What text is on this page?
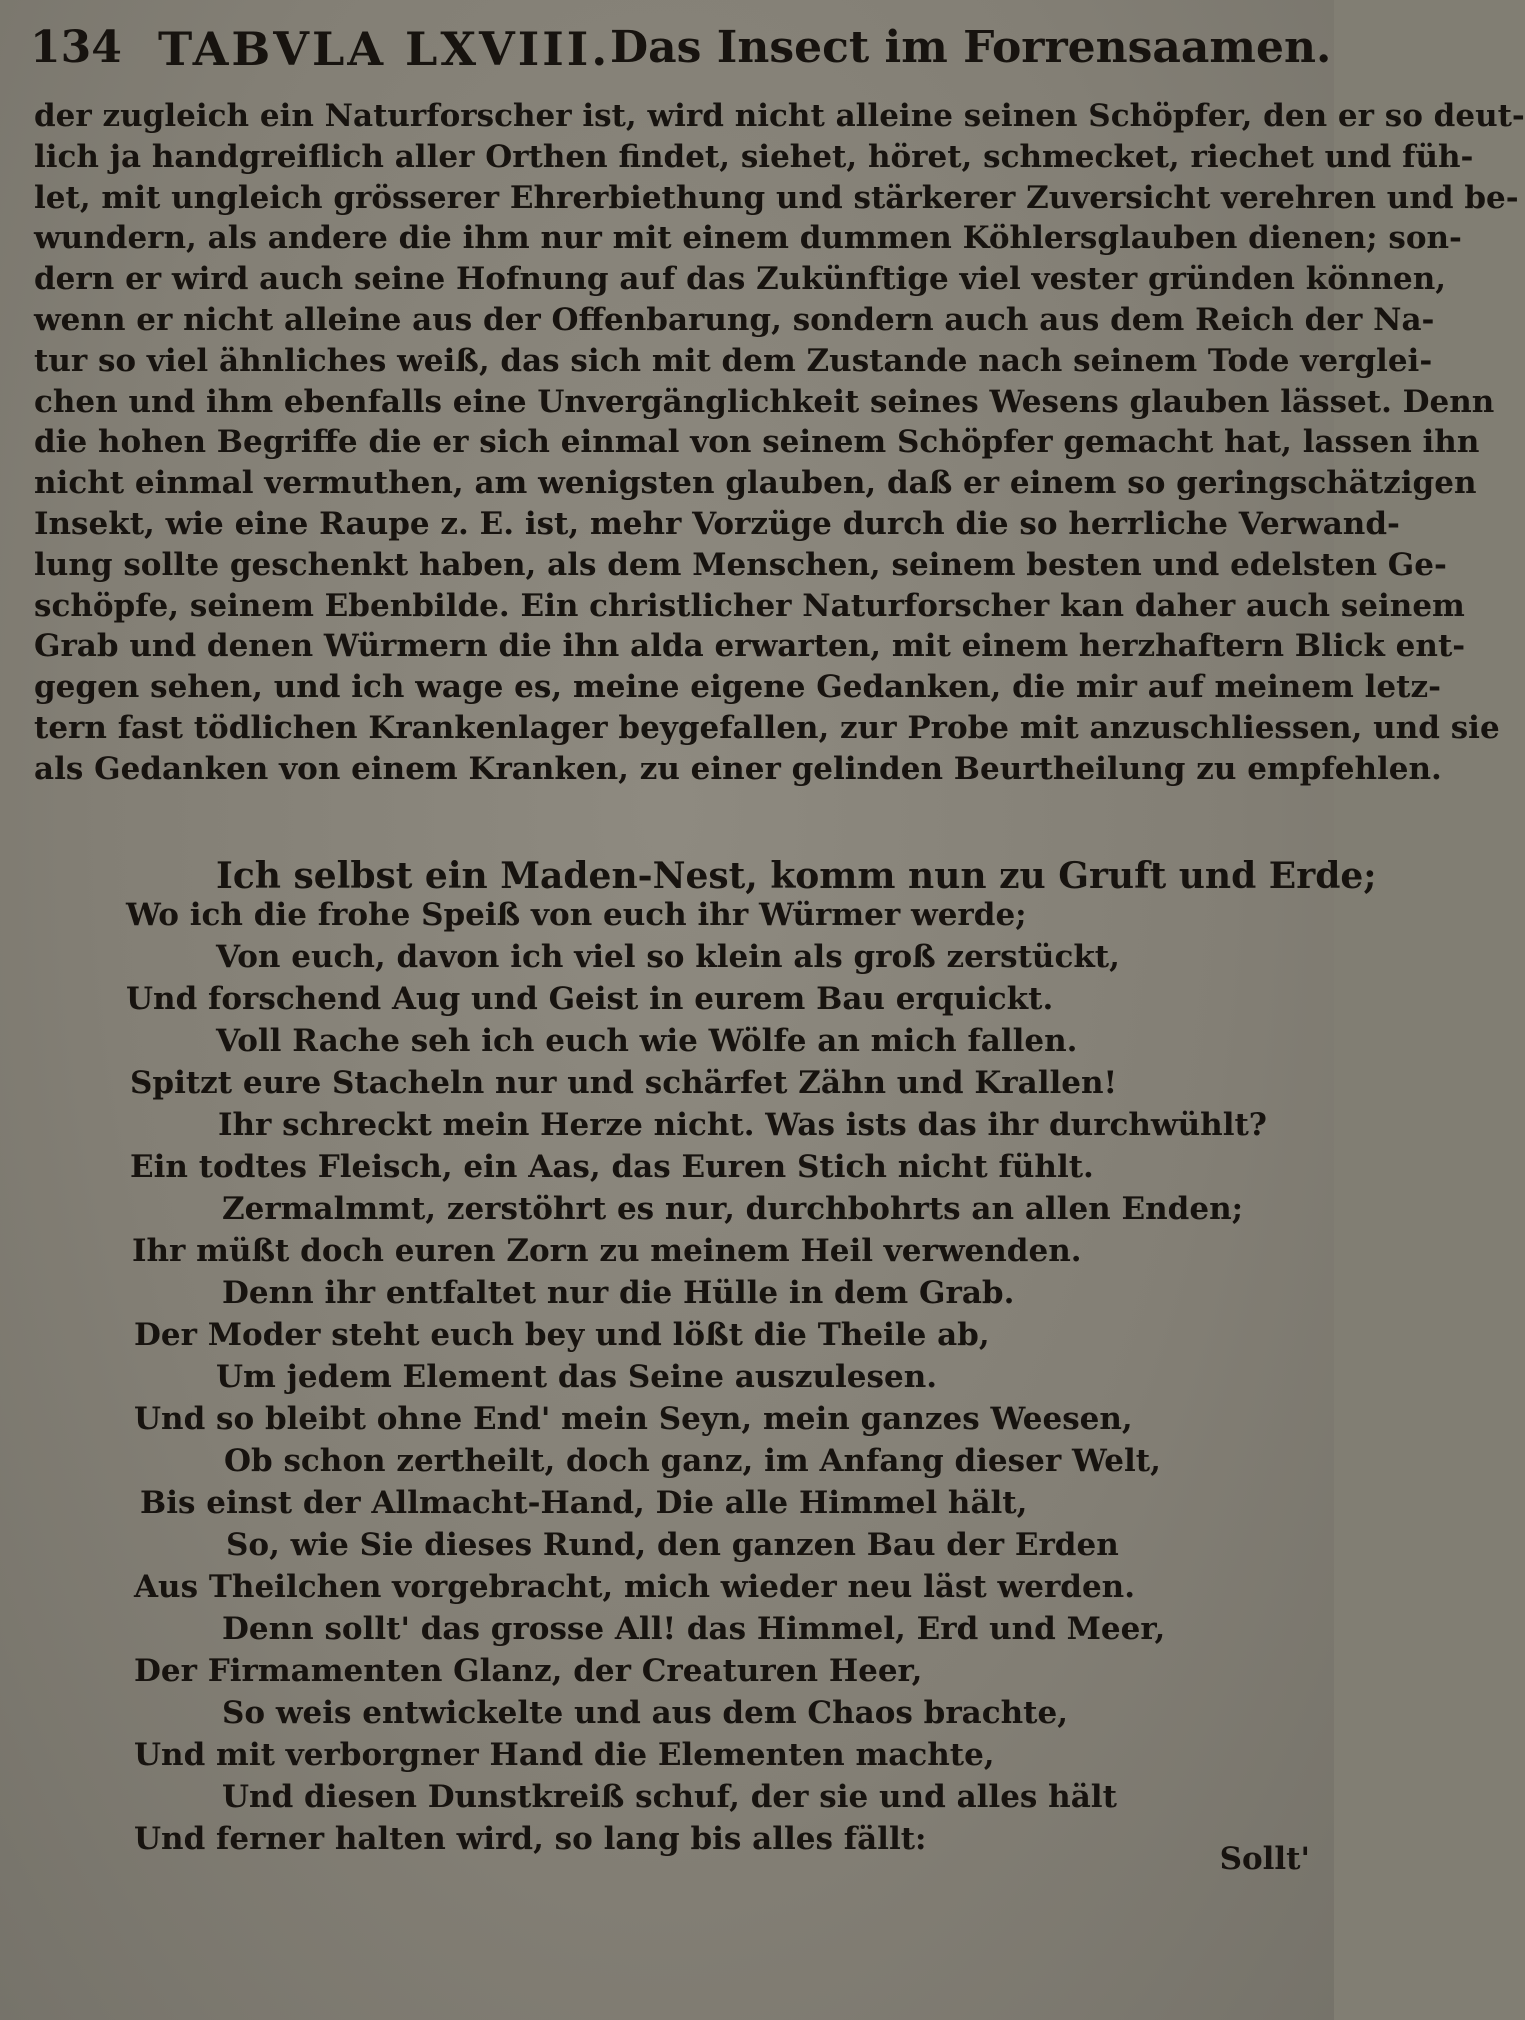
134 TABVLA LXVIII. Das Insect im Forrensaamen.
der zugleich ein Naturforscher ist, wird nicht alleine seinen Schöpfer, den er so deut-
lich ja handgreiflich aller Orthen findet, siehet, höret, schmecket, riechet und füh-
let, mit ungleich grösserer Ehrerbiethung und stärkerer Zuversicht verehren und be-
wundern, als andere die ihm nur mit einem dummen Köhlersglauben dienen; son-
dern er wird auch seine Hofnung auf das Zukünftige viel vester gründen können,
wenn er nicht alleine aus der Offenbarung, sondern auch aus dem Reich der Na-
tur so viel ähnliches weiß, das sich mit dem Zustande nach seinem Tode verglei-
chen und ihm ebenfalls eine Unvergänglichkeit seines Wesens glauben lässet. Denn
die hohen Begriffe die er sich einmal von seinem Schöpfer gemacht hat, lassen ihn
nicht einmal vermuthen, am wenigsten glauben, daß er einem so geringschätzigen
Insekt, wie eine Raupe z. E. ist, mehr Vorzüge durch die so herrliche Verwand-
lung sollte geschenkt haben, als dem Menschen, seinem besten und edelsten Ge-
schöpfe, seinem Ebenbilde. Ein christlicher Naturforscher kan daher auch seinem
Grab und denen Würmern die ihn alda erwarten, mit einem herzhaftern Blick ent-
gegen sehen, und ich wage es, meine eigene Gedanken, die mir auf meinem letz-
tern fast tödlichen Krankenlager beygefallen, zur Probe mit anzuschliessen, und sie
als Gedanken von einem Kranken, zu einer gelinden Beurtheilung zu empfehlen.
Ich selbst ein Maden-Nest, komm nun zu Gruft und Erde;
Wo ich die frohe Speiß von euch ihr Würmer werde;
Von euch, davon ich viel so klein als groß zerstückt,
Und forschend Aug und Geist in eurem Bau erquickt.
Voll Rache seh ich euch wie Wölfe an mich fallen.
Spitzt eure Stacheln nur und schärfet Zähn und Krallen!
Ihr schreckt mein Herze nicht. Was ists das ihr durchwühlt?
Ein todtes Fleisch, ein Aas, das Euren Stich nicht fühlt.
Zermalmmt, zerstöhrt es nur, durchbohrts an allen Enden;
Ihr müßt doch euren Zorn zu meinem Heil verwenden.
Denn ihr entfaltet nur die Hülle in dem Grab.
Der Moder steht euch bey und lößt die Theile ab,
Um jedem Element das Seine auszulesen.
Und so bleibt ohne End' mein Seyn, mein ganzes Weesen,
Ob schon zertheilt, doch ganz, im Anfang dieser Welt,
Bis einst der Allmacht-Hand, Die alle Himmel hält,
So, wie Sie dieses Rund, den ganzen Bau der Erden
Aus Theilchen vorgebracht, mich wieder neu läst werden.
Denn sollt' das grosse All! das Himmel, Erd und Meer,
Der Firmamenten Glanz, der Creaturen Heer,
So weis entwickelte und aus dem Chaos brachte,
Und mit verborgner Hand die Elementen machte,
Und diesen Dunstkreiß schuf, der sie und alles hält
Und ferner halten wird, so lang bis alles fällt:
Sollt'
